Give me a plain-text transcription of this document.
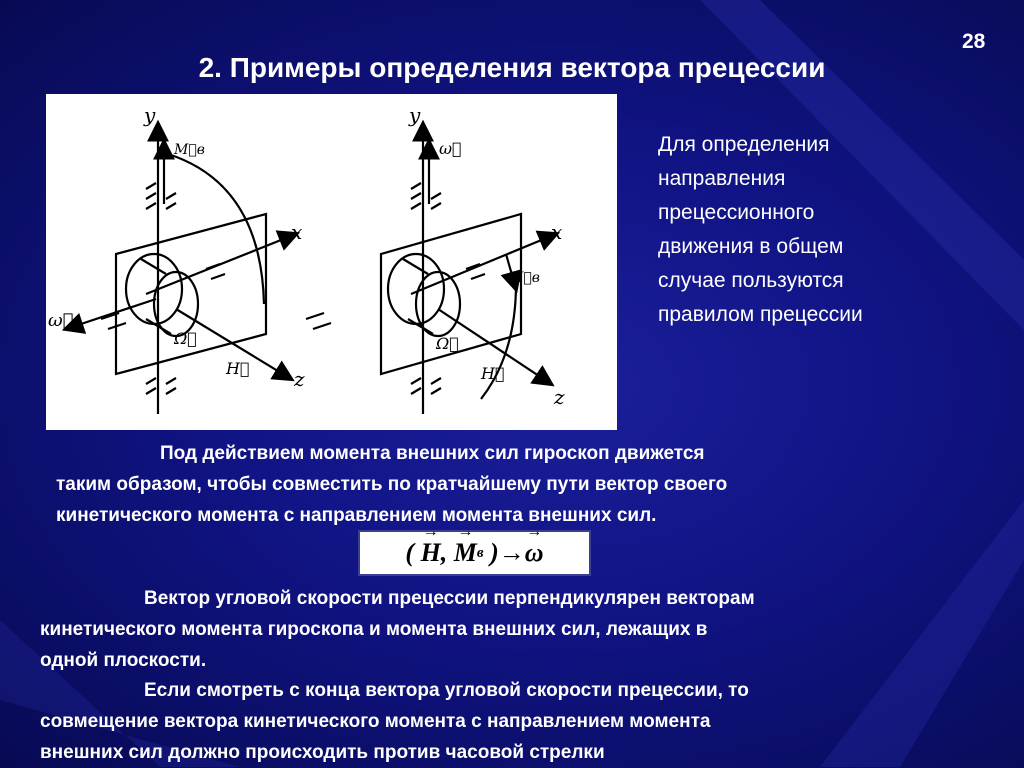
28
2. Примеры определения вектора прецессии
y
M⃗в
x
ω⃗
Ω⃗
H⃗ z
y
ω⃗
x
M⃗в
Ω⃗
H⃗
z
Для определения
направления
прецессионного
движения в общем
случае пользуются
правилом прецессии
Под действием момента внешних сил гироскоп движется
таким образом, чтобы совместить по кратчайшему пути вектор своего
кинетического момента с направлением момента внешних сил.
(
→ H ,
→ M в
) → → ω
Вектор угловой скорости прецессии перпендикулярен векторам
кинетического момента гироскопа и момента внешних сил, лежащих в
одной плоскости.
Если смотреть с конца вектора угловой скорости прецессии, то
совмещение вектора кинетического момента с направлением момента
внешних сил должно происходить против часовой стрелки
